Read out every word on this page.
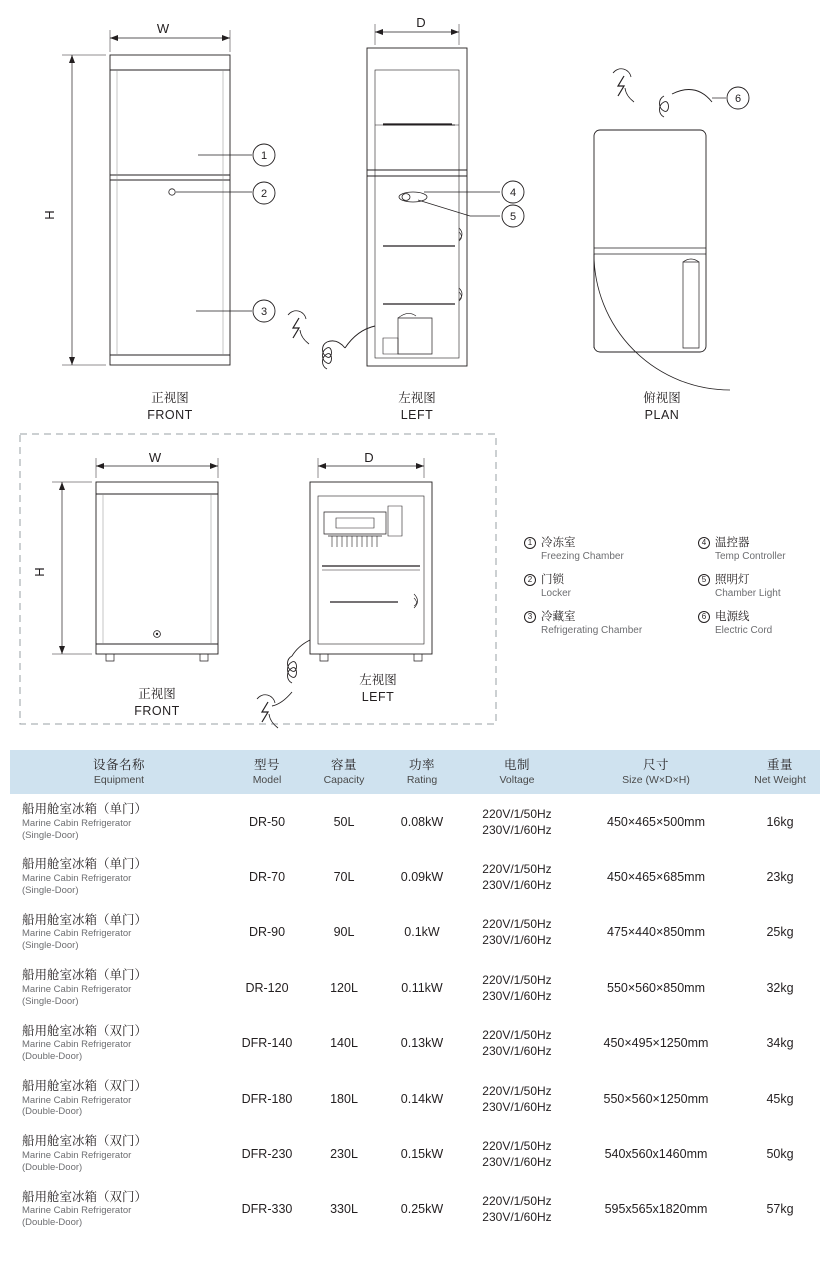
W	D
H
W	D
H
1
2
3
4
5
6
正视图
FRONT
左视图
LEFT
俯视图
PLAN
正视图
FRONT
左视图
LEFT
1 冷冻室
Freezing Chamber
2 门锁
Locker
3 冷藏室
Refrigerating Chamber
4 温控器
Temp Controller
5 照明灯
Chamber Light
6 电源线
Electric Cord
设备名称
Equipment	型号
Model	容量
Capacity	功率
Rating	电制
Voltage	尺寸
Size (W×D×H)	重量
Net Weight

船用舱室冰箱（单门）
Marine Cabin Refrigerator
(Single-Door)	DR-50	50L	0.08kW	220V/1/50Hz
230V/1/60Hz	450×465×500mm	16kg

船用舱室冰箱（单门）
Marine Cabin Refrigerator
(Single-Door)	DR-70	70L	0.09kW	220V/1/50Hz
230V/1/60Hz	450×465×685mm	23kg

船用舱室冰箱（单门）
Marine Cabin Refrigerator
(Single-Door)	DR-90	90L	0.1kW	220V/1/50Hz
230V/1/60Hz	475×440×850mm	25kg

船用舱室冰箱（单门）
Marine Cabin Refrigerator
(Single-Door)	DR-120	120L	0.11kW	220V/1/50Hz
230V/1/60Hz	550×560×850mm	32kg

船用舱室冰箱（双门）
Marine Cabin Refrigerator
(Double-Door)	DFR-140	140L	0.13kW	220V/1/50Hz
230V/1/60Hz	450×495×1250mm	34kg

船用舱室冰箱（双门）
Marine Cabin Refrigerator
(Double-Door)	DFR-180	180L	0.14kW	220V/1/50Hz
230V/1/60Hz	550×560×1250mm	45kg

船用舱室冰箱（双门）
Marine Cabin Refrigerator
(Double-Door)	DFR-230	230L	0.15kW	220V/1/50Hz
230V/1/60Hz	540x560x1460mm	50kg

船用舱室冰箱（双门）
Marine Cabin Refrigerator
(Double-Door)	DFR-330	330L	0.25kW	220V/1/50Hz
230V/1/60Hz	595x565x1820mm	57kg
